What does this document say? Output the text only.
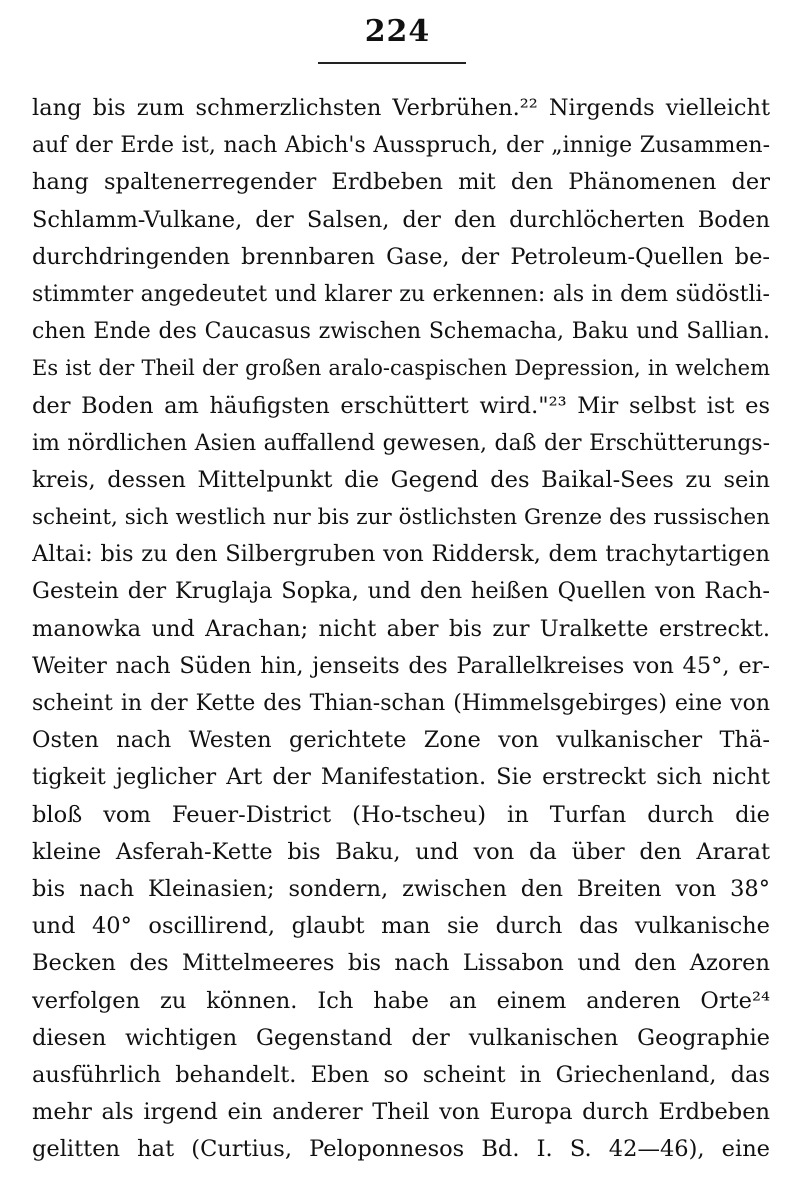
224
lang bis zum schmerzlichsten Verbrühen.²² Nirgends vielleicht
auf der Erde ist, nach Abich's Ausspruch, der „innige Zusammen-
hang spaltenerregender Erdbeben mit den Phänomenen der
Schlamm-Vulkane, der Salsen, der den durchlöcherten Boden
durchdringenden brennbaren Gase, der Petroleum-Quellen be-
stimmter angedeutet und klarer zu erkennen: als in dem südöstli-
chen Ende des Caucasus zwischen Schemacha, Baku und Sallian.
Es ist der Theil der großen aralo-caspischen Depression, in welchem
der Boden am häufigsten erschüttert wird."²³ Mir selbst ist es
im nördlichen Asien auffallend gewesen, daß der Erschütterungs-
kreis, dessen Mittelpunkt die Gegend des Baikal-Sees zu sein
scheint, sich westlich nur bis zur östlichsten Grenze des russischen
Altai: bis zu den Silbergruben von Riddersk, dem trachytartigen
Gestein der Kruglaja Sopka, und den heißen Quellen von Rach-
manowka und Arachan; nicht aber bis zur Uralkette erstreckt.
Weiter nach Süden hin, jenseits des Parallelkreises von 45°, er-
scheint in der Kette des Thian-schan (Himmelsgebirges) eine von
Osten nach Westen gerichtete Zone von vulkanischer Thä-
tigkeit jeglicher Art der Manifestation. Sie erstreckt sich nicht
bloß vom Feuer-District (Ho-tscheu) in Turfan durch die
kleine Asferah-Kette bis Baku, und von da über den Ararat
bis nach Kleinasien; sondern, zwischen den Breiten von 38°
und 40° oscillirend, glaubt man sie durch das vulkanische
Becken des Mittelmeeres bis nach Lissabon und den Azoren
verfolgen zu können. Ich habe an einem anderen Orte²⁴
diesen wichtigen Gegenstand der vulkanischen Geographie
ausführlich behandelt. Eben so scheint in Griechenland, das
mehr als irgend ein anderer Theil von Europa durch Erdbeben
gelitten hat (Curtius, Peloponnesos Bd. I. S. 42—46), eine
